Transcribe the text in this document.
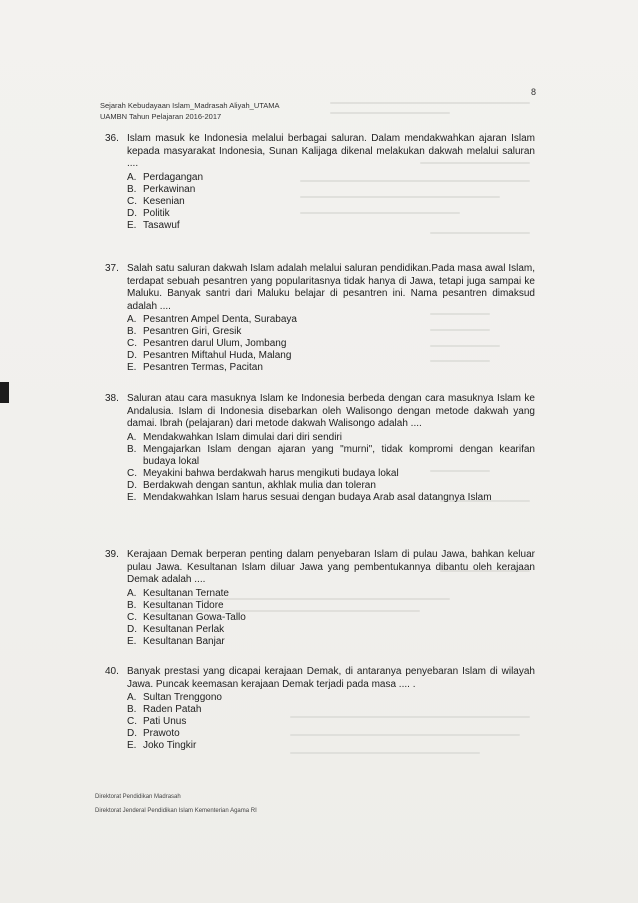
8
Sejarah Kebudayaan Islam_Madrasah Aliyah_UTAMA
UAMBN Tahun Pelajaran 2016-2017
36. Islam masuk ke Indonesia melalui berbagai saluran. Dalam mendakwahkan ajaran Islam kepada masyarakat Indonesia, Sunan Kalijaga dikenal melakukan dakwah melalui saluran ....
A. Perdagangan
B. Perkawinan
C. Kesenian
D. Politik
E. Tasawuf
37. Salah satu saluran dakwah Islam adalah melalui saluran pendidikan.Pada masa awal Islam, terdapat sebuah pesantren yang popularitasnya tidak hanya di Jawa, tetapi juga sampai ke Maluku. Banyak santri dari Maluku belajar di pesantren ini. Nama pesantren dimaksud adalah ....
A. Pesantren Ampel Denta, Surabaya
B. Pesantren Giri, Gresik
C. Pesantren darul Ulum, Jombang
D. Pesantren Miftahul Huda, Malang
E. Pesantren Termas, Pacitan
38. Saluran atau cara masuknya Islam ke Indonesia berbeda dengan cara masuknya Islam ke Andalusia. Islam di Indonesia disebarkan oleh Walisongo dengan metode dakwah yang damai. Ibrah (pelajaran) dari metode dakwah Walisongo adalah ....
A. Mendakwahkan Islam dimulai dari diri sendiri
B. Mengajarkan Islam dengan ajaran yang "murni", tidak kompromi dengan kearifan budaya lokal
C. Meyakini bahwa berdakwah harus mengikuti budaya lokal
D. Berdakwah dengan santun, akhlak mulia dan toleran
E. Mendakwahkan Islam harus sesuai dengan budaya Arab asal datangnya Islam
39. Kerajaan Demak berperan penting dalam penyebaran Islam di pulau Jawa, bahkan keluar pulau Jawa. Kesultanan Islam diluar Jawa yang pembentukannya dibantu oleh kerajaan Demak adalah ....
A. Kesultanan Ternate
B. Kesultanan Tidore
C. Kesultanan Gowa-Tallo
D. Kesultanan Perlak
E. Kesultanan Banjar
40. Banyak prestasi yang dicapai kerajaan Demak, di antaranya penyebaran Islam di wilayah Jawa. Puncak keemasan kerajaan Demak terjadi pada masa .... .
A. Sultan Trenggono
B. Raden Patah
C. Pati Unus
D. Prawoto
E. Joko Tingkir
Direktorat Pendidikan Madrasah
Direktorat Jenderal Pendidikan Islam Kementerian Agama RI
